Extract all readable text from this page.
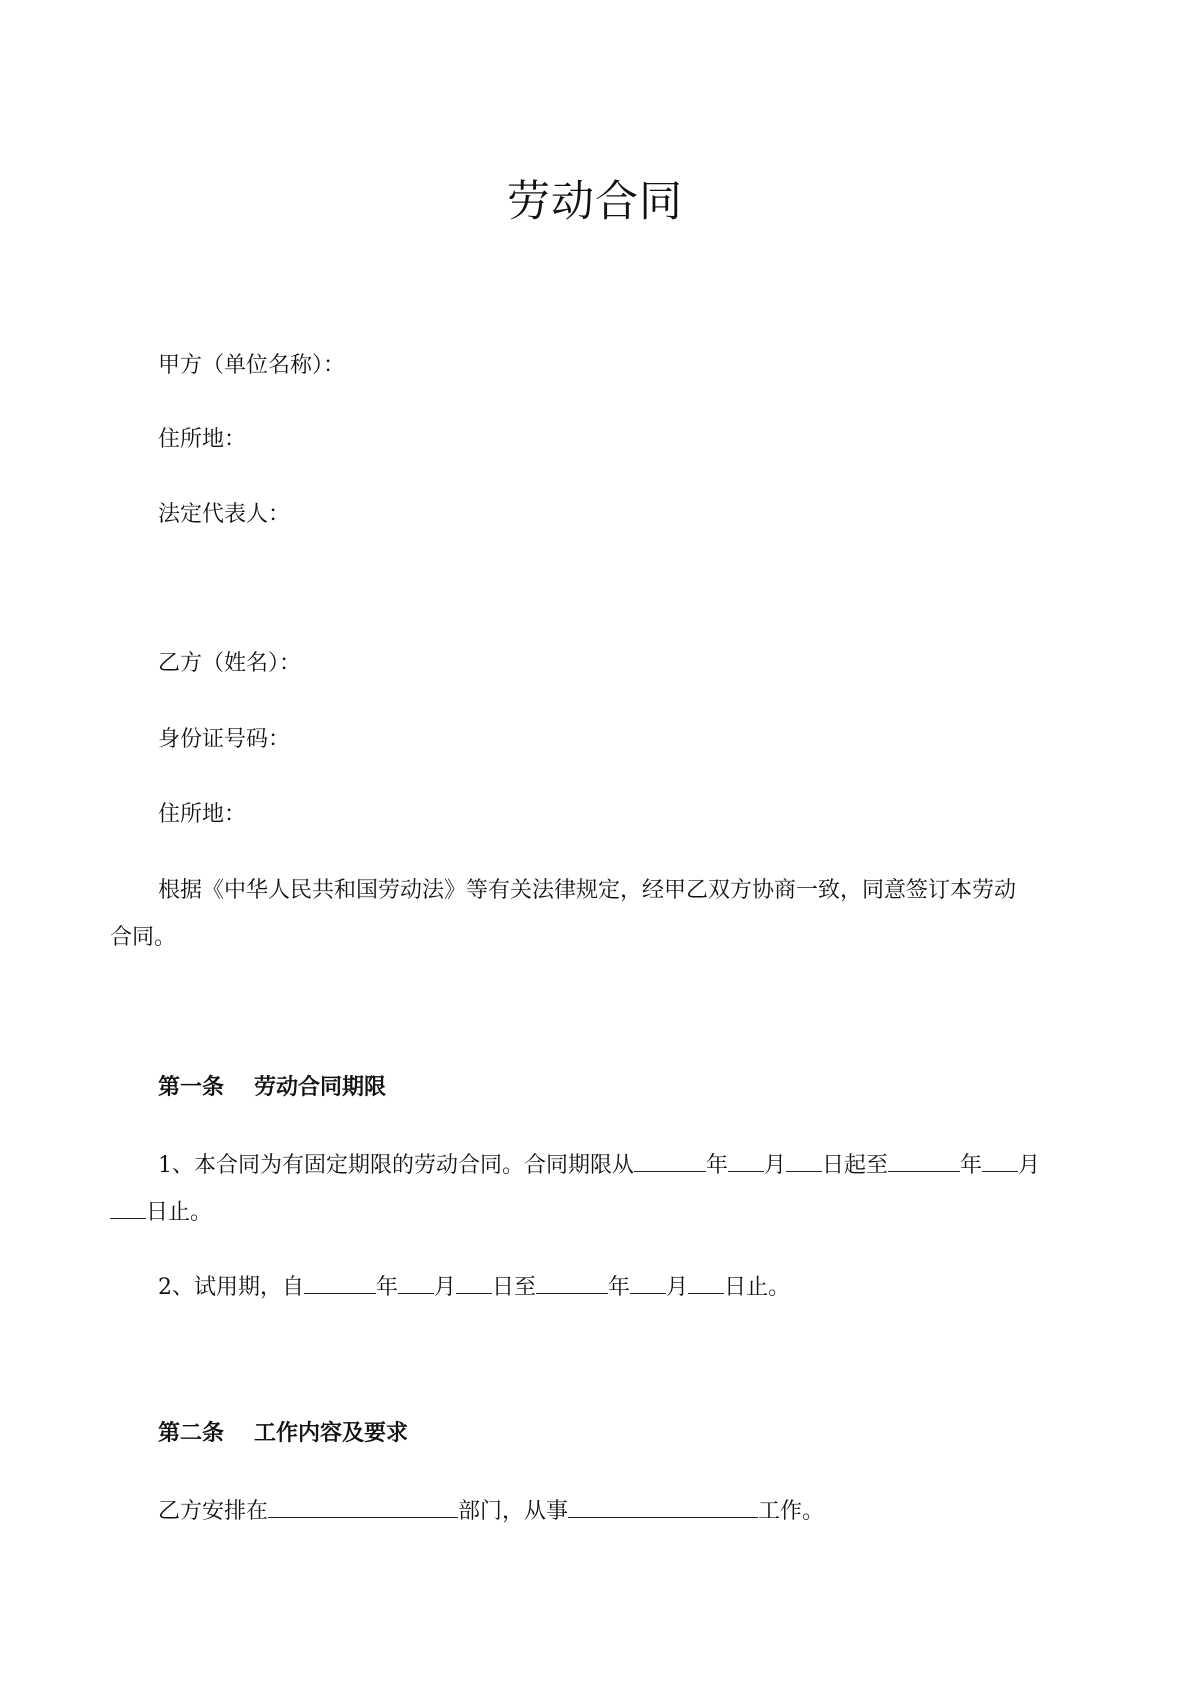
劳动合同
甲方（单位名称）：
住所地：
法定代表人：
乙方（姓名）：
身份证号码：
住所地：
根据《中华人民共和国劳动法》等有关法律规定，经甲乙双方协商一致，同意签订本劳动
合同。
第一条 劳动合同期限
1、本合同为有固定期限的劳动合同。合同期限从	年 月 日起至	年 月
日止。
2、试用期，自	年 月 日至	年 月 日止。
第二条 工作内容及要求
乙方安排在	部门，从事	工作。
